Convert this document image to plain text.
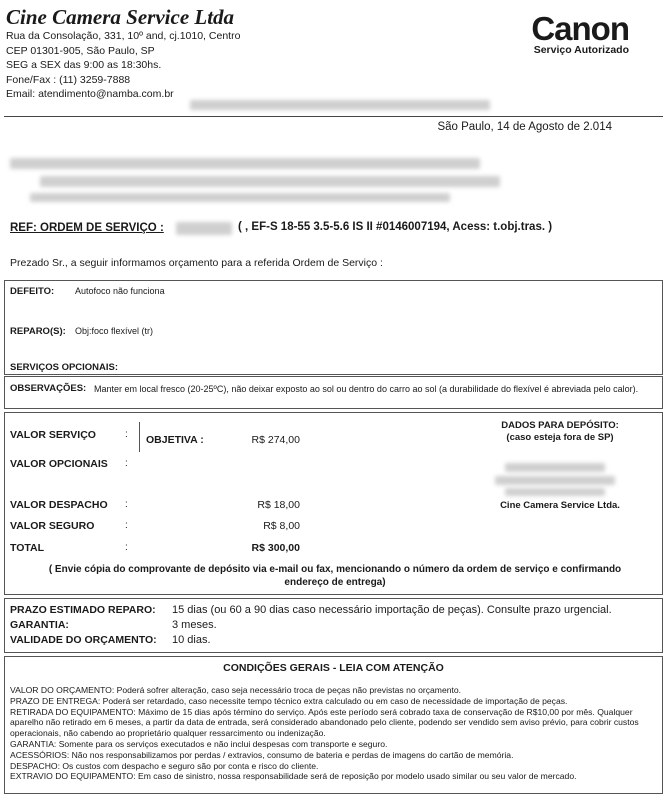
Cine Camera Service Ltda
Rua da Consolação, 331, 10º and, cj.1010, Centro
CEP 01301-905, São Paulo, SP
SEG a SEX das 9:00 as 18:30hs.
Fone/Fax : (11) 3259-7888
Email: atendimento@namba.com.br
Canon
Serviço Autorizado
São Paulo, 14 de Agosto de 2.014
REF: ORDEM DE SERVIÇO :	( , EF-S 18-55 3.5-5.6 IS II #0146007194, Acess: t.obj.tras. )
Prezado Sr., a seguir informamos orçamento para a referida Ordem de Serviço :
DEFEITO: Autofoco não funciona
REPARO(S): Obj:foco flexível (tr)
SERVIÇOS OPCIONAIS:
OBSERVAÇÕES: Manter em local fresco (20-25ºC), não deixar exposto ao sol ou dentro do carro ao sol (a durabilidade do flexível é abreviada pelo calor).
VALOR SERVIÇO	: OBJETIVA :	R$ 274,00
VALOR OPCIONAIS :
VALOR DESPACHO :	R$ 18,00
VALOR SEGURO	:	R$ 8,00
TOTAL	:	R$ 300,00
DADOS PARA DEPÓSITO:
(caso esteja fora de SP)
Cine Camera Service Ltda.
( Envie cópia do comprovante de depósito via e-mail ou fax, mencionando o número da ordem de serviço e confirmando endereço de entrega)
PRAZO ESTIMADO REPARO: 15 dias (ou 60 a 90 dias caso necessário importação de peças). Consulte prazo urgencial.
GARANTIA:	3 meses.
VALIDADE DO ORÇAMENTO: 10 dias.
CONDIÇÕES GERAIS - LEIA COM ATENÇÃO
VALOR DO ORÇAMENTO: Poderá sofrer alteração, caso seja necessário troca de peças não previstas no orçamento.
PRAZO DE ENTREGA: Poderá ser retardado, caso necessite tempo técnico extra calculado ou em caso de necessidade de importação de peças.
RETIRADA DO EQUIPAMENTO: Máximo de 15 dias após término do serviço. Após este período será cobrado taxa de conservação de R$10,00 por mês. Qualquer aparelho não retirado em 6 meses, a partir da data de entrada, será considerado abandonado pelo cliente, podendo ser vendido sem aviso prévio, para cobrir custos operacionais, não cabendo ao proprietário qualquer ressarcimento ou indenização.
GARANTIA: Somente para os serviços executados e não inclui despesas com transporte e seguro.
ACESSÓRIOS: Não nos responsabilizamos por perdas / extravios, consumo de bateria e perdas de imagens do cartão de memória.
DESPACHO: Os custos com despacho e seguro são por conta e risco do cliente.
EXTRAVIO DO EQUIPAMENTO: Em caso de sinistro, nossa responsabilidade será de reposição por modelo usado similar ou seu valor de mercado.
